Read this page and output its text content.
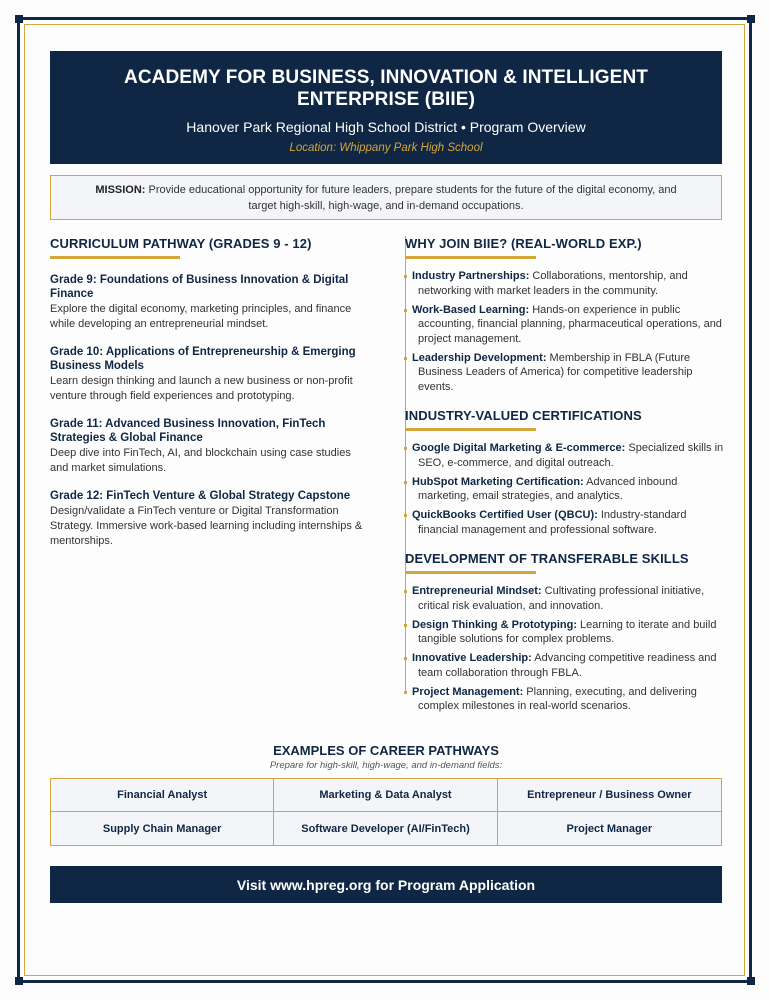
ACADEMY FOR BUSINESS, INNOVATION & INTELLIGENT ENTERPRISE (BIIE)
Hanover Park Regional High School District • Program Overview
Location: Whippany Park High School
MISSION: Provide educational opportunity for future leaders, prepare students for the future of the digital economy, and target high-skill, high-wage, and in-demand occupations.
CURRICULUM PATHWAY (GRADES 9 - 12)
Grade 9: Foundations of Business Innovation & Digital Finance
Explore the digital economy, marketing principles, and finance while developing an entrepreneurial mindset.
Grade 10: Applications of Entrepreneurship & Emerging Business Models
Learn design thinking and launch a new business or non-profit venture through field experiences and prototyping.
Grade 11: Advanced Business Innovation, FinTech Strategies & Global Finance
Deep dive into FinTech, AI, and blockchain using case studies and market simulations.
Grade 12: FinTech Venture & Global Strategy Capstone
Design/validate a FinTech venture or Digital Transformation Strategy. Immersive work-based learning including internships & mentorships.
WHY JOIN BIIE? (REAL-WORLD EXP.)
Industry Partnerships: Collaborations, mentorship, and networking with market leaders in the community.
Work-Based Learning: Hands-on experience in public accounting, financial planning, pharmaceutical operations, and project management.
Leadership Development: Membership in FBLA (Future Business Leaders of America) for competitive leadership events.
INDUSTRY-VALUED CERTIFICATIONS
Google Digital Marketing & E-commerce: Specialized skills in SEO, e-commerce, and digital outreach.
HubSpot Marketing Certification: Advanced inbound marketing, email strategies, and analytics.
QuickBooks Certified User (QBCU): Industry-standard financial management and professional software.
DEVELOPMENT OF TRANSFERABLE SKILLS
Entrepreneurial Mindset: Cultivating professional initiative, critical risk evaluation, and innovation.
Design Thinking & Prototyping: Learning to iterate and build tangible solutions for complex problems.
Innovative Leadership: Advancing competitive readiness and team collaboration through FBLA.
Project Management: Planning, executing, and delivering complex milestones in real-world scenarios.
EXAMPLES OF CAREER PATHWAYS
Prepare for high-skill, high-wage, and in-demand fields:
Financial Analyst	Marketing & Data Analyst	Entrepreneur / Business Owner
Supply Chain Manager	Software Developer (AI/FinTech)	Project Manager
Visit www.hpreg.org for Program Application
